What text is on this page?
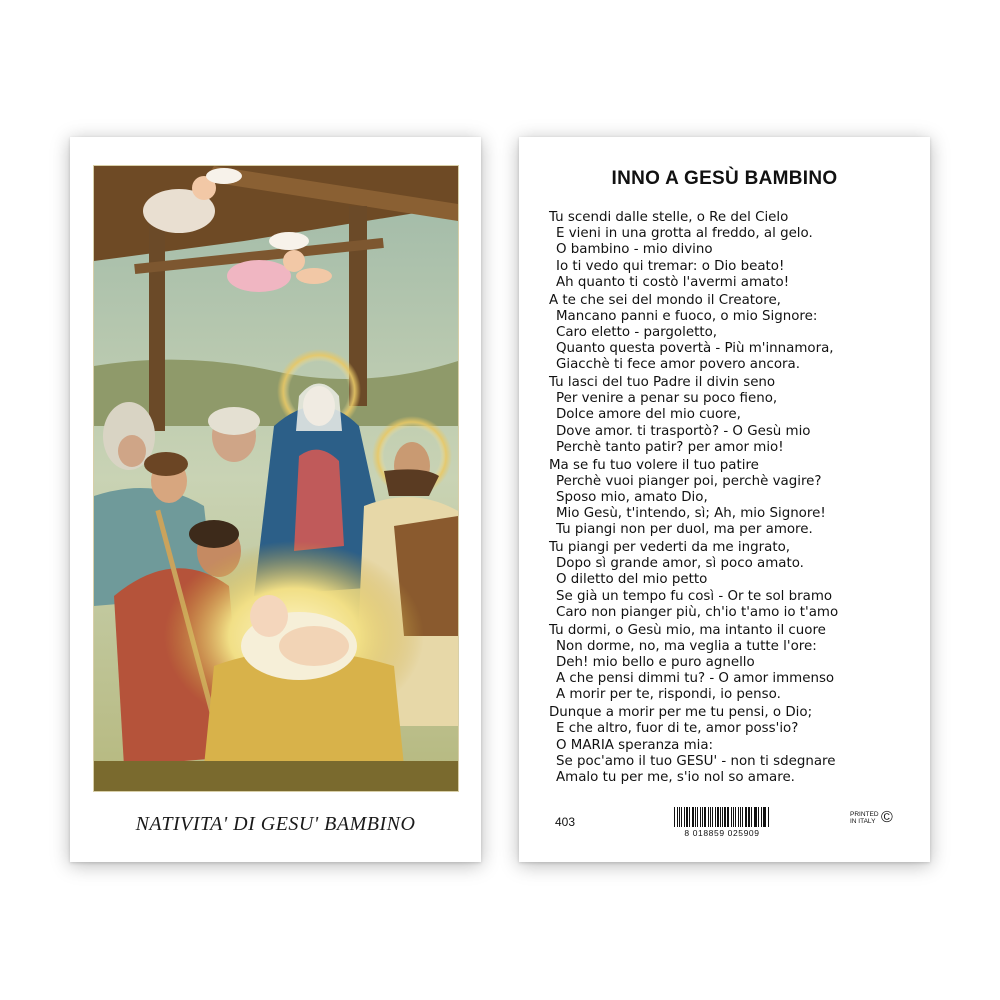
NATIVITA' DI GESU' BAMBINO
INNO A GESÙ BAMBINO
Tu scendi dalle stelle, o Re del Cielo
E vieni in una grotta al freddo, al gelo.
O bambino - mio divino
Io ti vedo qui tremar: o Dio beato!
Ah quanto ti costò l'avermi amato!
A te che sei del mondo il Creatore,
Mancano panni e fuoco, o mio Signore:
Caro eletto - pargoletto,
Quanto questa povertà - Più m'innamora,
Giacchè ti fece amor povero ancora.
Tu lasci del tuo Padre il divin seno
Per venire a penar su poco fieno,
Dolce amore del mio cuore,
Dove amor. ti trasportò? - O Gesù mio
Perchè tanto patir? per amor mio!
Ma se fu tuo volere il tuo patire
Perchè vuoi pianger poi, perchè vagire?
Sposo mio, amato Dio,
Mio Gesù, t'intendo, sì; Ah, mio Signore!
Tu piangi non per duol, ma per amore.
Tu piangi per vederti da me ingrato,
Dopo sì grande amor, sì poco amato.
O diletto del mio petto
Se già un tempo fu così - Or te sol bramo
Caro non pianger più, ch'io t'amo io t'amo
Tu dormi, o Gesù mio, ma intanto il cuore
Non dorme, no, ma veglia a tutte l'ore:
Deh! mio bello e puro agnello
A che pensi dimmi tu? - O amor immenso
A morir per te, rispondi, io penso.
Dunque a morir per me tu pensi, o Dio;
E che altro, fuor di te, amor poss'io?
O MARIA speranza mia:
Se poc'amo il tuo GESU' - non ti sdegnare
Amalo tu per me, s'io nol so amare.
403
8 018859 025909
PRINTED
IN ITALY ©
